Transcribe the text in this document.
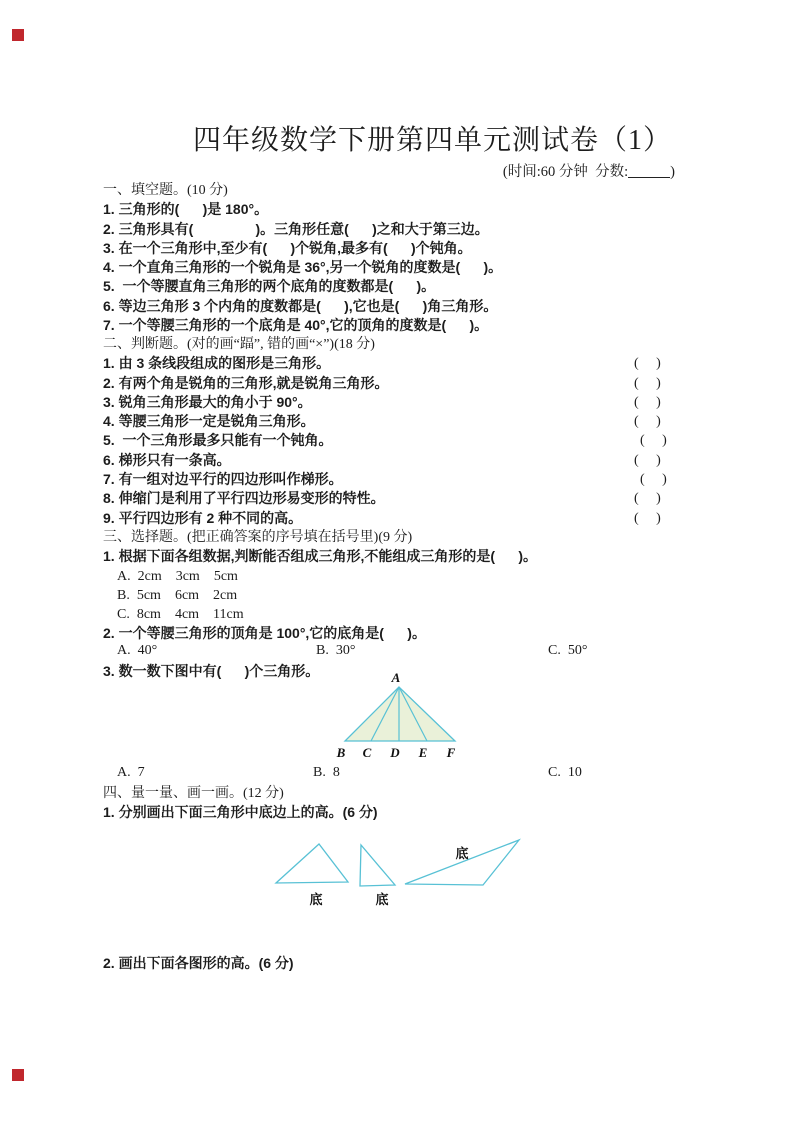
四年级数学下册第四单元测试卷（1）
(时间:60 分钟  分数:	)
一、填空题。(10 分)
1. 三角形的(      )是 180°。
2. 三角形具有(                )。三角形任意(      )之和大于第三边。
3. 在一个三角形中,至少有(      )个锐角,最多有(      )个钝角。
4. 一个直角三角形的一个锐角是 36°,另一个锐角的度数是(      )。
5.  一个等腰直角三角形的两个底角的度数都是(      )。
6. 等边三角形 3 个内角的度数都是(      ),它也是(      )角三角形。
7. 一个等腰三角形的一个底角是 40°,它的顶角的度数是(      )。
二、判断题。(对的画“踾”, 错的画“×”)(18 分)
1. 由 3 条线段组成的图形是三角形。	(     )
2. 有两个角是锐角的三角形,就是锐角三角形。	(     )
3. 锐角三角形最大的角小于 90°。	(     )
4. 等腰三角形一定是锐角三角形。	(     )
5.  一个三角形最多只能有一个钝角。	(     )
6. 梯形只有一条高。	(     )
7. 有一组对边平行的四边形叫作梯形。	(     )
8. 伸缩门是利用了平行四边形易变形的特性。	(     )
9. 平行四边形有 2 种不同的高。	(     )
三、选择题。(把正确答案的序号填在括号里)(9 分)
1. 根据下面各组数据,判断能否组成三角形,不能组成三角形的是(      )。
A.  2cm    3cm    5cm
B.  5cm    6cm    2cm
C.  8cm    4cm    11cm
2. 一个等腰三角形的顶角是 100°,它的底角是(      )。
A.  40°	B.  30°	C.  50°
3. 数一数下图中有(      )个三角形。	A
B C D E F
A.  7	B.  8	C.  10
四、量一量、画一画。(12 分)
1. 分别画出下面三角形中底边上的高。(6 分)
底	底
底
2. 画出下面各图形的高。(6 分)
